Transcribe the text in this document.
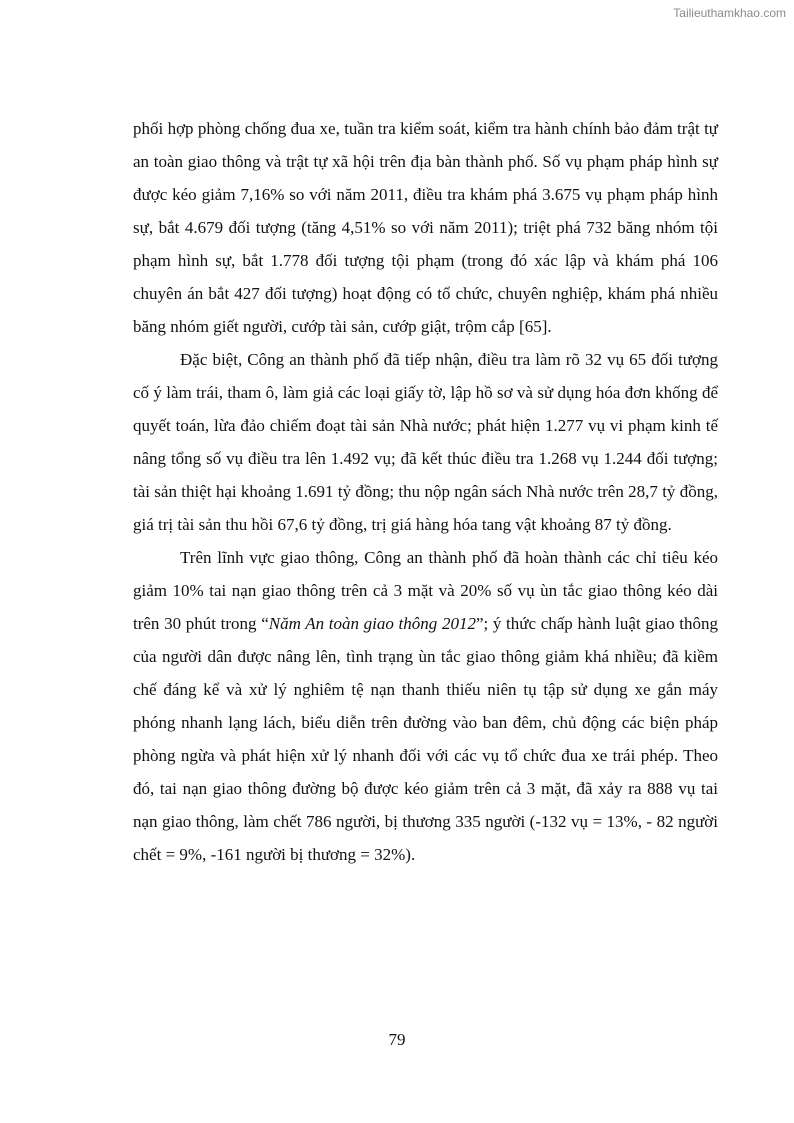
Tailieuthamkhao.com

phối hợp phòng chống đua xe, tuần tra kiểm soát, kiểm tra hành chính bảo đảm trật tự an toàn giao thông và trật tự xã hội trên địa bàn thành phố. Số vụ phạm pháp hình sự được kéo giảm 7,16% so với năm 2011, điều tra khám phá 3.675 vụ phạm pháp hình sự, bắt 4.679 đối tượng (tăng 4,51% so với năm 2011); triệt phá 732 băng nhóm tội phạm hình sự, bắt 1.778 đối tượng tội phạm (trong đó xác lập và khám phá 106 chuyên án bắt 427 đối tượng) hoạt động có tổ chức, chuyên nghiệp, khám phá nhiều băng nhóm giết người, cướp tài sản, cướp giật, trộm cắp [65].

Đặc biệt, Công an thành phố đã tiếp nhận, điều tra làm rõ 32 vụ 65 đối tượng cố ý làm trái, tham ô, làm giả các loại giấy tờ, lập hồ sơ và sử dụng hóa đơn khống để quyết toán, lừa đảo chiếm đoạt tài sản Nhà nước; phát hiện 1.277 vụ vi phạm kinh tế nâng tổng số vụ điều tra lên 1.492 vụ; đã kết thúc điều tra 1.268 vụ 1.244 đối tượng; tài sản thiệt hại khoảng 1.691 tỷ đồng; thu nộp ngân sách Nhà nước trên 28,7 tỷ đồng, giá trị tài sản thu hồi 67,6 tỷ đồng, trị giá hàng hóa tang vật khoảng 87 tỷ đồng.

Trên lĩnh vực giao thông, Công an thành phố đã hoàn thành các chỉ tiêu kéo giảm 10% tai nạn giao thông trên cả 3 mặt và 20% số vụ ùn tắc giao thông kéo dài trên 30 phút trong “Năm An toàn giao thông 2012”; ý thức chấp hành luật giao thông của người dân được nâng lên, tình trạng ùn tắc giao thông giảm khá nhiều; đã kiềm chế đáng kể và xử lý nghiêm tệ nạn thanh thiếu niên tụ tập sử dụng xe gắn máy phóng nhanh lạng lách, biểu diễn trên đường vào ban đêm, chủ động các biện pháp phòng ngừa và phát hiện xử lý nhanh đối với các vụ tổ chức đua xe trái phép. Theo đó, tai nạn giao thông đường bộ được kéo giảm trên cả 3 mặt, đã xảy ra 888 vụ tai nạn giao thông, làm chết 786 người, bị thương 335 người (-132 vụ = 13%, - 82 người chết = 9%, -161 người bị thương = 32%).

79
